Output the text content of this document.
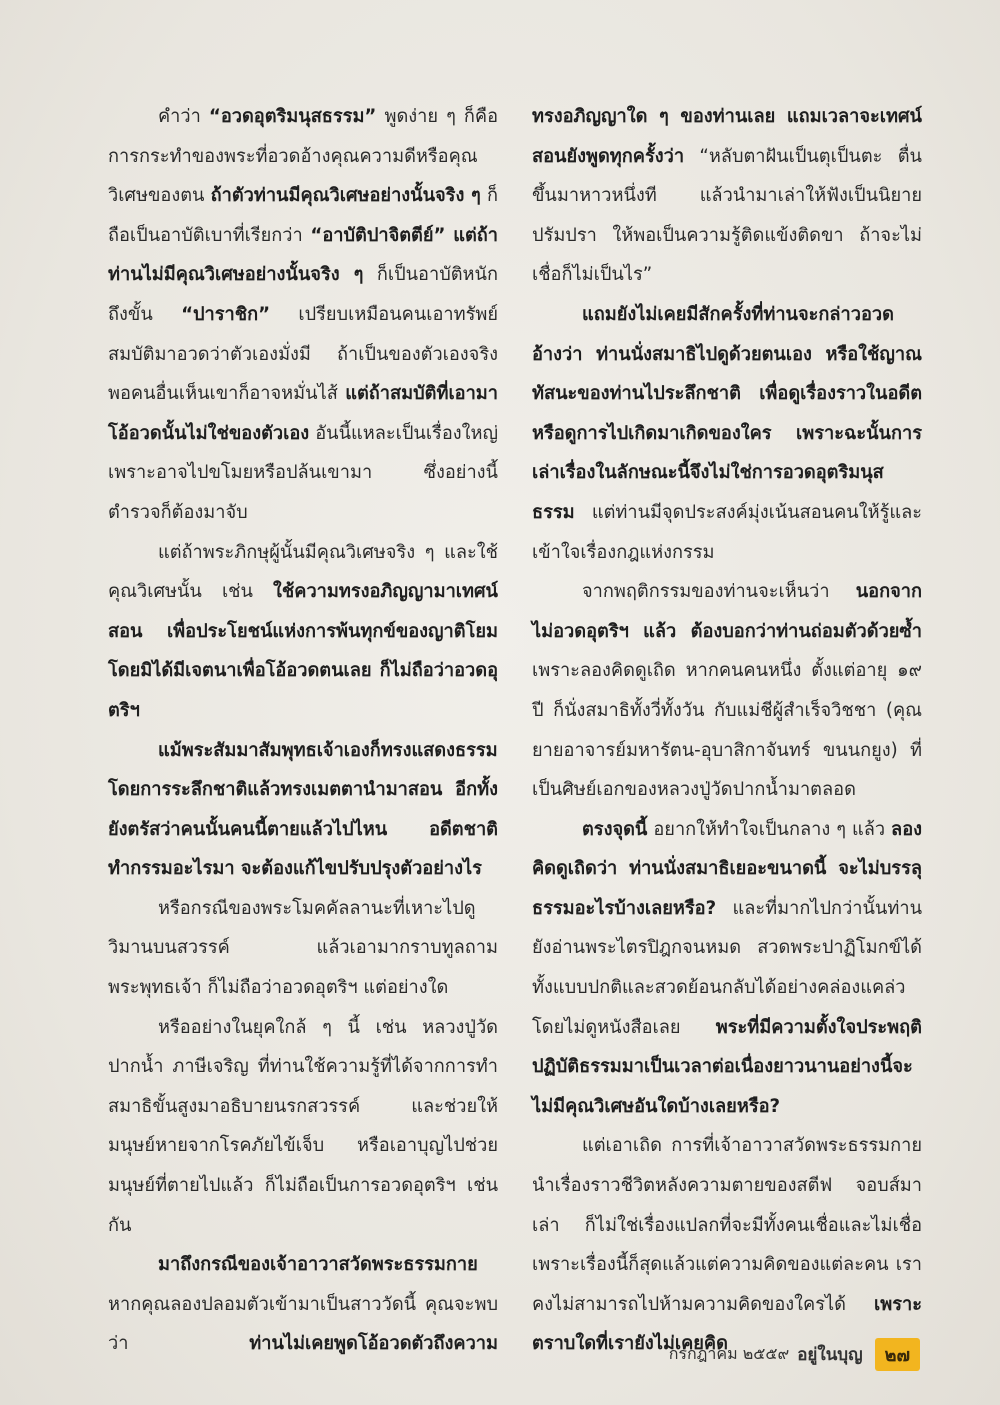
คำว่า “อวดอุตริมนุสธรรม” พูดง่าย ๆ ก็คือ การกระทำของพระที่อวดอ้างคุณความดีหรือคุณวิเศษของตน ถ้าตัวท่านมีคุณวิเศษอย่างนั้นจริง ๆ ก็ถือเป็นอาบัติเบาที่เรียกว่า “อาบัติปาจิตตีย์” แต่ถ้าท่านไม่มีคุณวิเศษอย่างนั้นจริง ๆ ก็เป็นอาบัติหนักถึงขั้น “ปาราชิก” เปรียบเหมือนคนเอาทรัพย์สมบัติมาอวดว่าตัวเองมั่งมี ถ้าเป็นของตัวเองจริง พอคนอื่นเห็นเขาก็อาจหมั่นไส้ แต่ถ้าสมบัติที่เอามาโอ้อวดนั้นไม่ใช่ของตัวเอง อันนี้แหละเป็นเรื่องใหญ่ เพราะอาจไปขโมยหรือปล้นเขามา ซึ่งอย่างนี้ตำรวจก็ต้องมาจับ

แต่ถ้าพระภิกษุผู้นั้นมีคุณวิเศษจริง ๆ และใช้คุณวิเศษนั้น เช่น ใช้ความทรงอภิญญามาเทศน์สอน เพื่อประโยชน์แห่งการพ้นทุกข์ของญาติโยม โดยมิได้มีเจตนาเพื่อโอ้อวดตนเลย ก็ไม่ถือว่าอวดอุตริฯ

แม้พระสัมมาสัมพุทธเจ้าเองก็ทรงแสดงธรรมโดยการระลึกชาติแล้วทรงเมตตานำมาสอน อีกทั้งยังตรัสว่าคนนั้นคนนี้ตายแล้วไปไหน อดีตชาติทำกรรมอะไรมา จะต้องแก้ไขปรับปรุงตัวอย่างไร

หรือกรณีของพระโมคคัลลานะที่เหาะไปดูวิมานบนสวรรค์ แล้วเอามากราบทูลถามพระพุทธเจ้า ก็ไม่ถือว่าอวดอุตริฯ แต่อย่างใด

หรืออย่างในยุคใกล้ ๆ นี้ เช่น หลวงปู่วัดปากน้ำ ภาษีเจริญ ที่ท่านใช้ความรู้ที่ได้จากการทำสมาธิขั้นสูงมาอธิบายนรกสวรรค์ และช่วยให้มนุษย์หายจากโรคภัยไข้เจ็บ หรือเอาบุญไปช่วยมนุษย์ที่ตายไปแล้ว ก็ไม่ถือเป็นการอวดอุตริฯ เช่นกัน

มาถึงกรณีของเจ้าอาวาสวัดพระธรรมกาย หากคุณลองปลอมตัวเข้ามาเป็นสาววัดนี้ คุณจะพบว่า ท่านไม่เคยพูดโอ้อวดตัวถึงความ

ทรงอภิญญาใด ๆ ของท่านเลย แถมเวลาจะเทศน์สอนยังพูดทุกครั้งว่า “หลับตาฝันเป็นตุเป็นตะ ตื่นขึ้นมาหาวหนึ่งที แล้วนำมาเล่าให้ฟังเป็นนิยายปรัมปรา ให้พอเป็นความรู้ติดแข้งติดขา ถ้าจะไม่เชื่อก็ไม่เป็นไร”

แถมยังไม่เคยมีสักครั้งที่ท่านจะกล่าวอวดอ้างว่า ท่านนั่งสมาธิไปดูด้วยตนเอง หรือใช้ญาณทัสนะของท่านไประลึกชาติ เพื่อดูเรื่องราวในอดีตหรือดูการไปเกิดมาเกิดของใคร เพราะฉะนั้นการเล่าเรื่องในลักษณะนี้จึงไม่ใช่การอวดอุตริมนุสธรรม แต่ท่านมีจุดประสงค์มุ่งเน้นสอนคนให้รู้และเข้าใจเรื่องกฎแห่งกรรม

จากพฤติกรรมของท่านจะเห็นว่า นอกจากไม่อวดอุตริฯ แล้ว ต้องบอกว่าท่านถ่อมตัวด้วยซ้ำ เพราะลองคิดดูเถิด หากคนคนหนึ่ง ตั้งแต่อายุ ๑๙ ปี ก็นั่งสมาธิทั้งวี่ทั้งวัน กับแม่ชีผู้สำเร็จวิชชา (คุณยายอาจารย์มหารัตน-อุบาสิกาจันทร์ ขนนกยูง) ที่เป็นศิษย์เอกของหลวงปู่วัดปากน้ำมาตลอด

ตรงจุดนี้ อยากให้ทำใจเป็นกลาง ๆ แล้ว ลองคิดดูเถิดว่า ท่านนั่งสมาธิเยอะขนาดนี้ จะไม่บรรลุธรรมอะไรบ้างเลยหรือ? และที่มากไปกว่านั้นท่านยังอ่านพระไตรปิฎกจนหมด สวดพระปาฏิโมกข์ได้ทั้งแบบปกติและสวดย้อนกลับได้อย่างคล่องแคล่วโดยไม่ดูหนังสือเลย พระที่มีความตั้งใจประพฤติปฏิบัติธรรมมาเป็นเวลาต่อเนื่องยาวนานอย่างนี้จะไม่มีคุณวิเศษอันใดบ้างเลยหรือ?

แต่เอาเถิด การที่เจ้าอาวาสวัดพระธรรมกายนำเรื่องราวชีวิตหลังความตายของสตีฟ จอบส์มาเล่า ก็ไม่ใช่เรื่องแปลกที่จะมีทั้งคนเชื่อและไม่เชื่อ เพราะเรื่องนี้ก็สุดแล้วแต่ความคิดของแต่ละคน เราคงไม่สามารถไปห้ามความคิดของใครได้ เพราะตราบใดที่เรายังไม่เคยคิด

กรกฎาคม ๒๕๕๙ อยู่ในบุญ	๒๗
